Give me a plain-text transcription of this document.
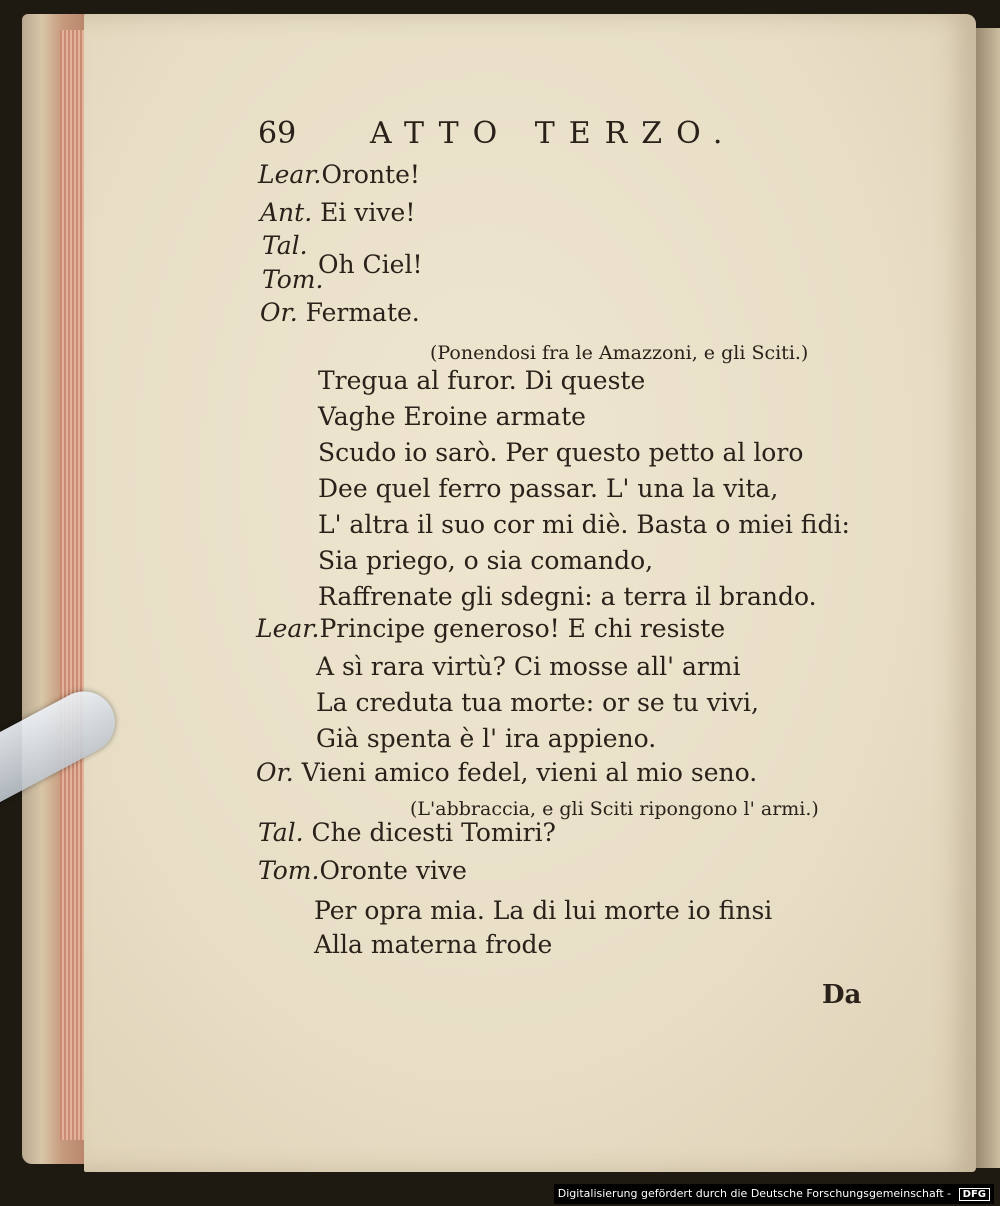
69 ATTO TERZO.
Lear.Oronte!
Ant. Ei vive!
Tal.
Oh Ciel!
Tom.
Or. Fermate.
(Ponendosi fra le Amazzoni, e gli Sciti.)
Tregua al furor. Di queste
Vaghe Eroine armate
Scudo io sarò. Per questo petto al loro
Dee quel ferro passar. L' una la vita,
L' altra il suo cor mi diè. Basta o miei fidi:
Sia priego, o sia comando,
Raffrenate gli sdegni: a terra il brando.
Lear.Principe generoso! E chi resiste
A sì rara virtù? Ci mosse all' armi
La creduta tua morte: or se tu vivi,
Già spenta è l' ira appieno.
Or. Vieni amico fedel, vieni al mio seno.
(L'abbraccia, e gli Sciti ripongono l' armi.)
Tal. Che dicesti Tomiri?
Tom.Oronte vive
Per opra mia. La di lui morte io finsi
Alla materna frode
Da
Digitalisierung gefördert durch die Deutsche Forschungsgemeinschaft - DFG
